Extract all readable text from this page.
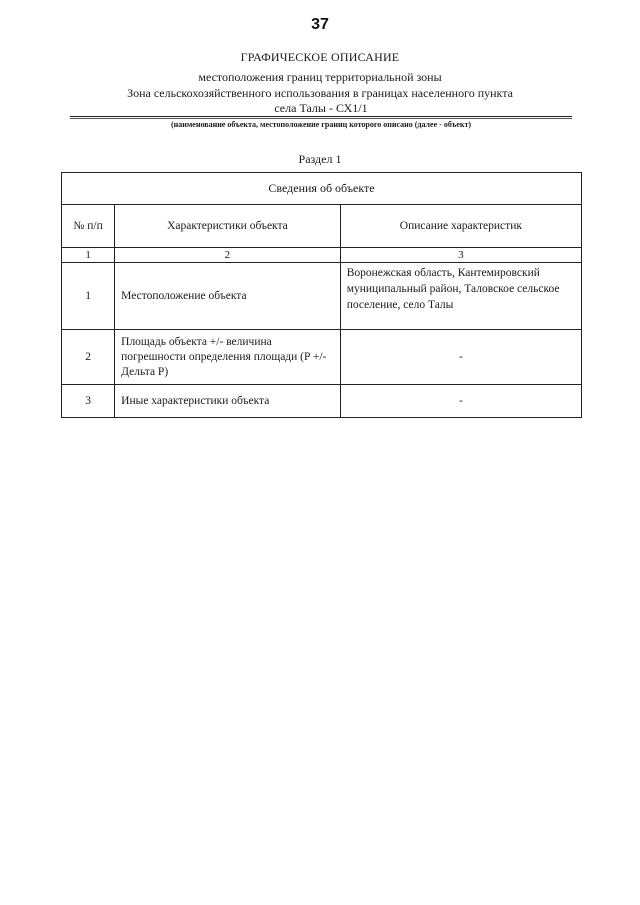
37
ГРАФИЧЕСКОЕ ОПИСАНИЕ
местоположения границ территориальной зоны
Зона сельскохозяйственного использования в границах населенного пункта
села Талы - СХ1/1
(наименование объекта, местоположение границ которого описано (далее - объект)
Раздел 1
Сведения об объекте		
№ п/п	Характеристики объекта	Описание характеристик
1	2	3
1	Местоположение объекта	Воронежская область, Кантемировский муниципальный район, Таловское сельское поселение, село Талы
2	Площадь объекта +/- величина погрешности определения площади (P +/- Дельта P)	-
3	Иные характеристики объекта	-
